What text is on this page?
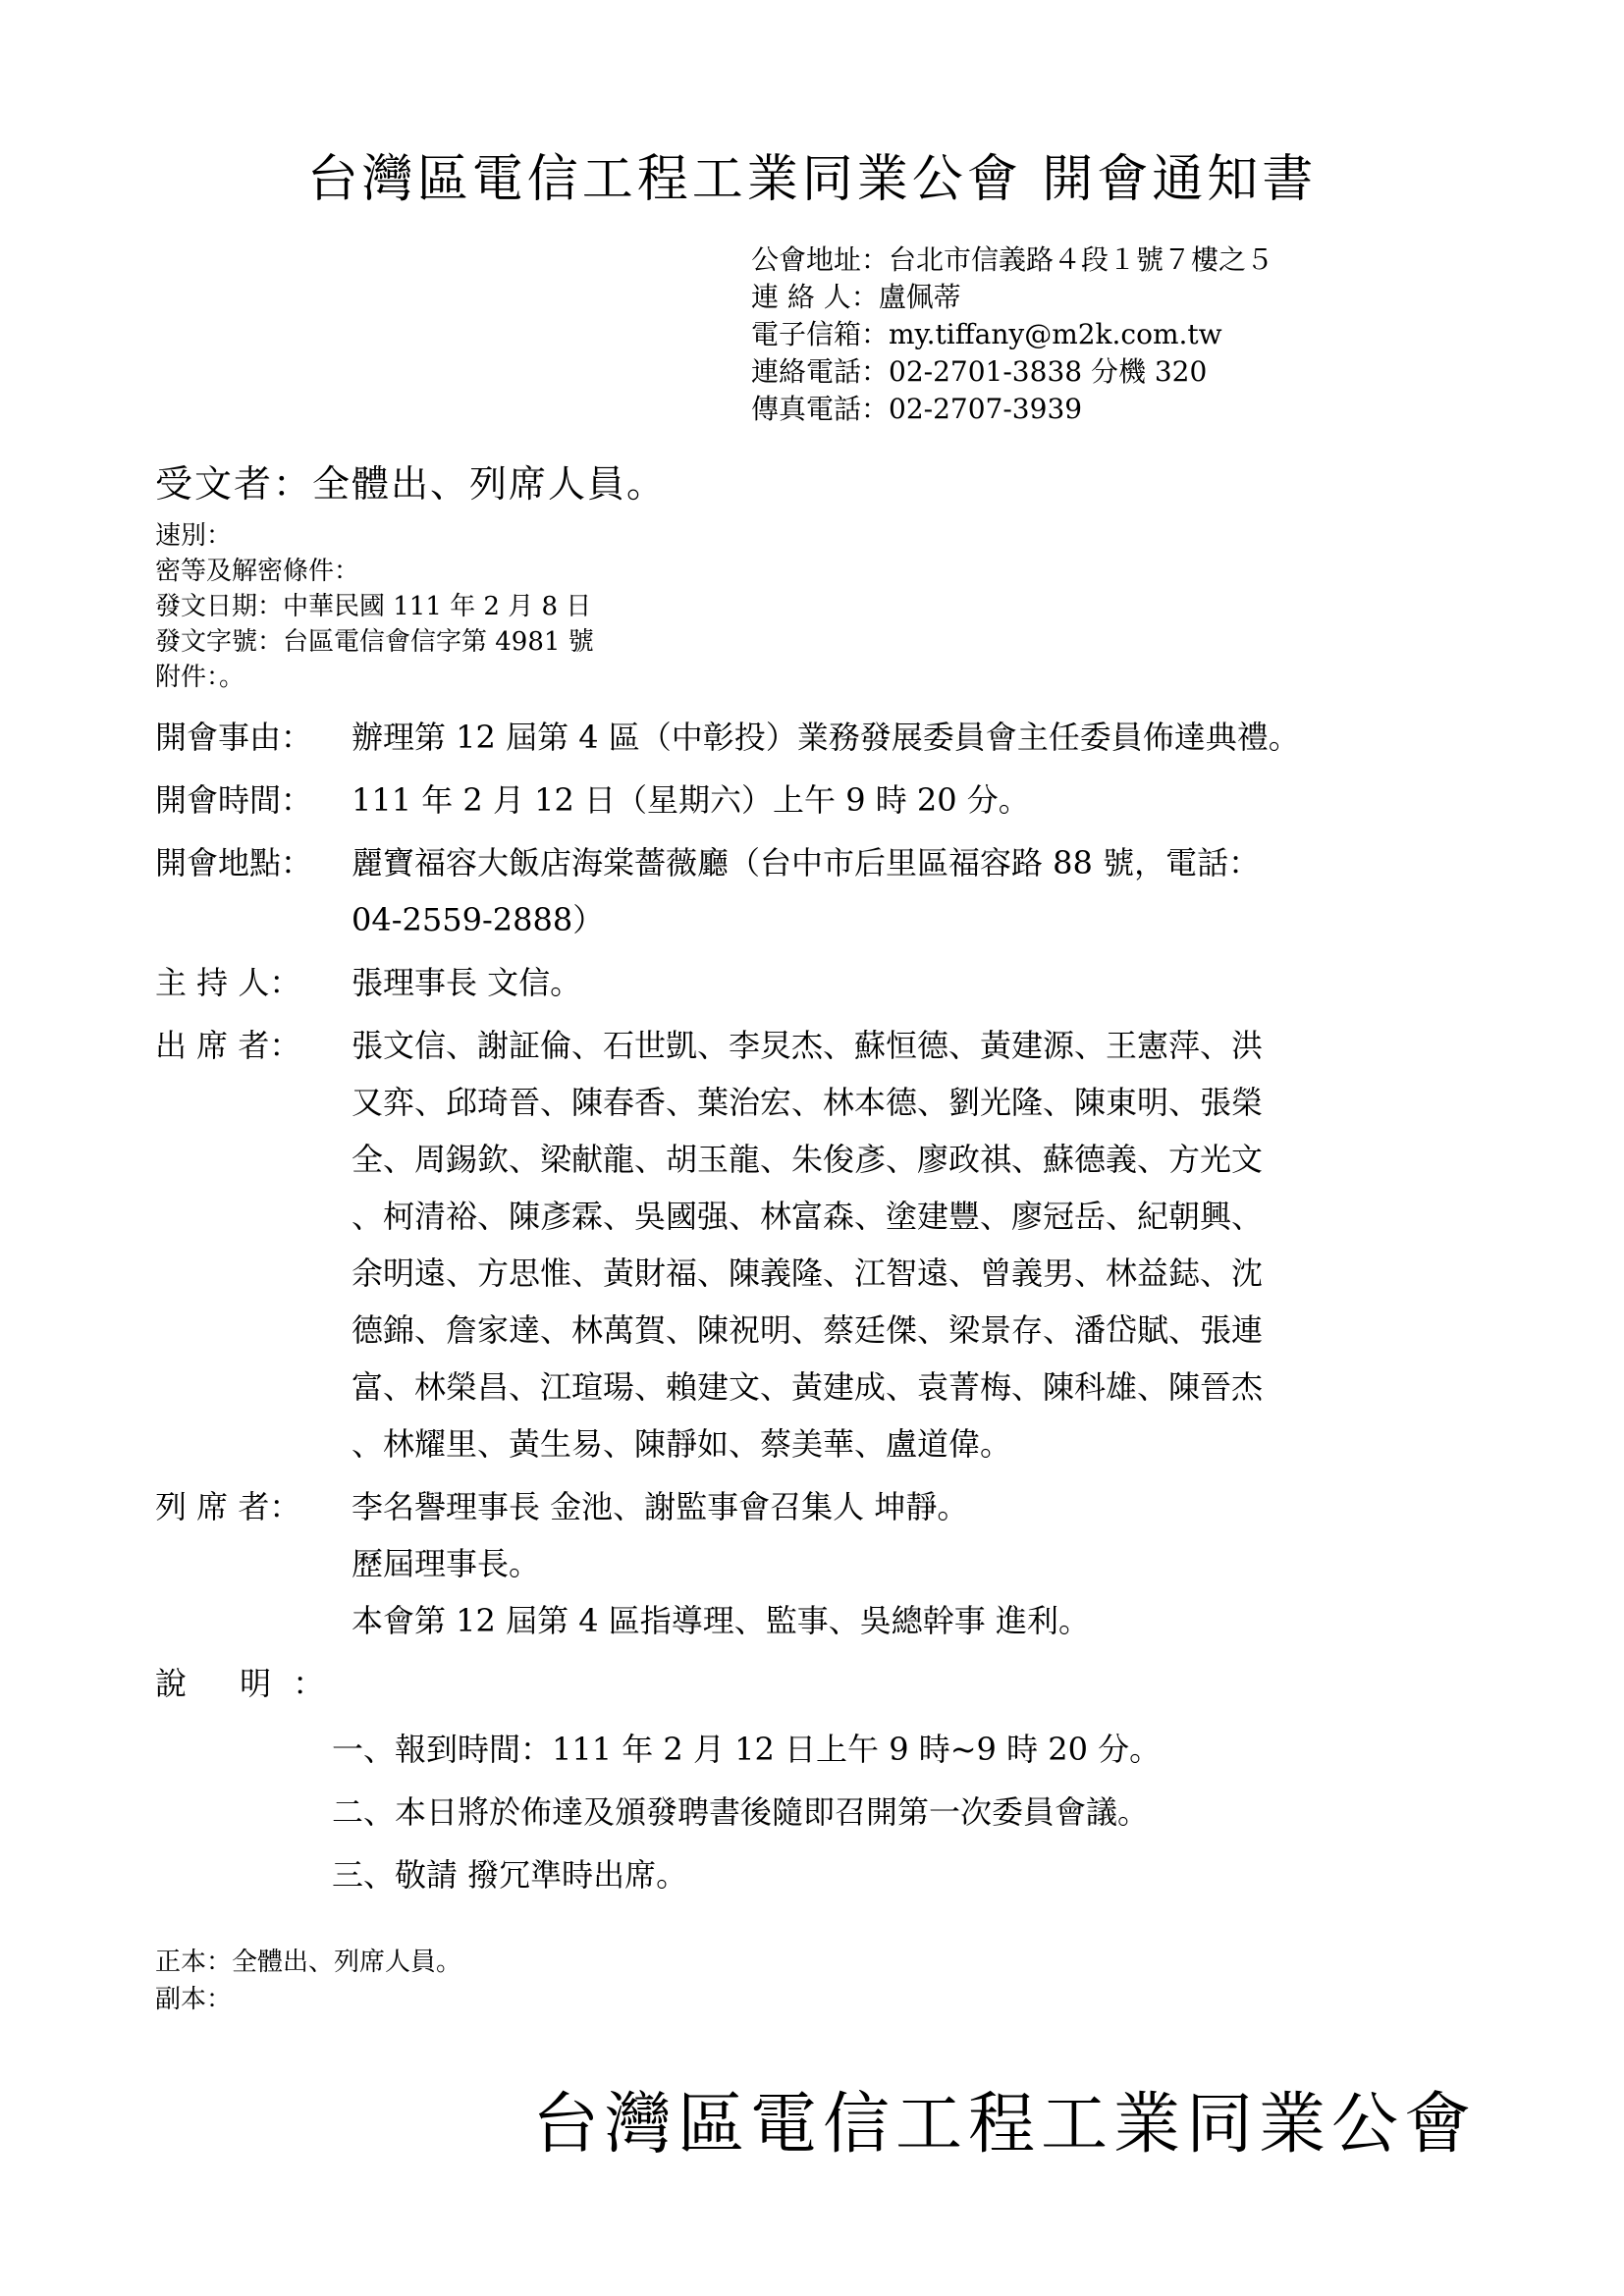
台灣區電信工程工業同業公會 開會通知書
公會地址：台北市信義路４段１號７樓之５
連 絡 人：盧佩蒂
電子信箱：my.tiffany@m2k.com.tw
連絡電話：02-2701-3838 分機 320
傳真電話：02-2707-3939
受文者：全體出、列席人員。
速別：
密等及解密條件：
發文日期：中華民國 111 年 2 月 8 日
發文字號：台區電信會信字第 4981 號
附件：。
開會事由：	辦理第 12 屆第 4 區（中彰投）業務發展委員會主任委員佈達典禮。
開會時間：	111 年 2 月 12 日（星期六）上午 9 時 20 分。
開會地點：	麗寶福容大飯店海棠薔薇廳（台中市后里區福容路 88 號，電話：
04-2559-2888）
主 持 人：	張理事長 文信。
出 席 者：	張文信、謝証倫、石世凱、李炅杰、蘇恒德、黃建源、王憲萍、洪
又弈、邱琦晉、陳春香、葉治宏、林本德、劉光隆、陳東明、張榮
全、周錫欽、梁献龍、胡玉龍、朱俊彥、廖政祺、蘇德義、方光文
、柯清裕、陳彥霖、吳國强、林富森、塗建豐、廖冠岳、紀朝興、
余明遠、方思惟、黃財福、陳義隆、江智遠、曾義男、林益鋕、沈
德錦、詹家達、林萬賀、陳祝明、蔡廷傑、梁景存、潘岱賦、張連
富、林榮昌、江瑄瑒、賴建文、黃建成、袁菁梅、陳科雄、陳晉杰
、林耀里、黃生易、陳靜如、蔡美華、盧道偉。
列 席 者：	李名譽理事長 金池、謝監事會召集人 坤靜。
歷屆理事長。
本會第 12 屆第 4 區指導理、監事、吳總幹事 進利。
說 明：
一、報到時間：111 年 2 月 12 日上午 9 時~9 時 20 分。
二、本日將於佈達及頒發聘書後隨即召開第一次委員會議。
三、敬請 撥冗準時出席。
正本：全體出、列席人員。
副本：
台灣區電信工程工業同業公會
